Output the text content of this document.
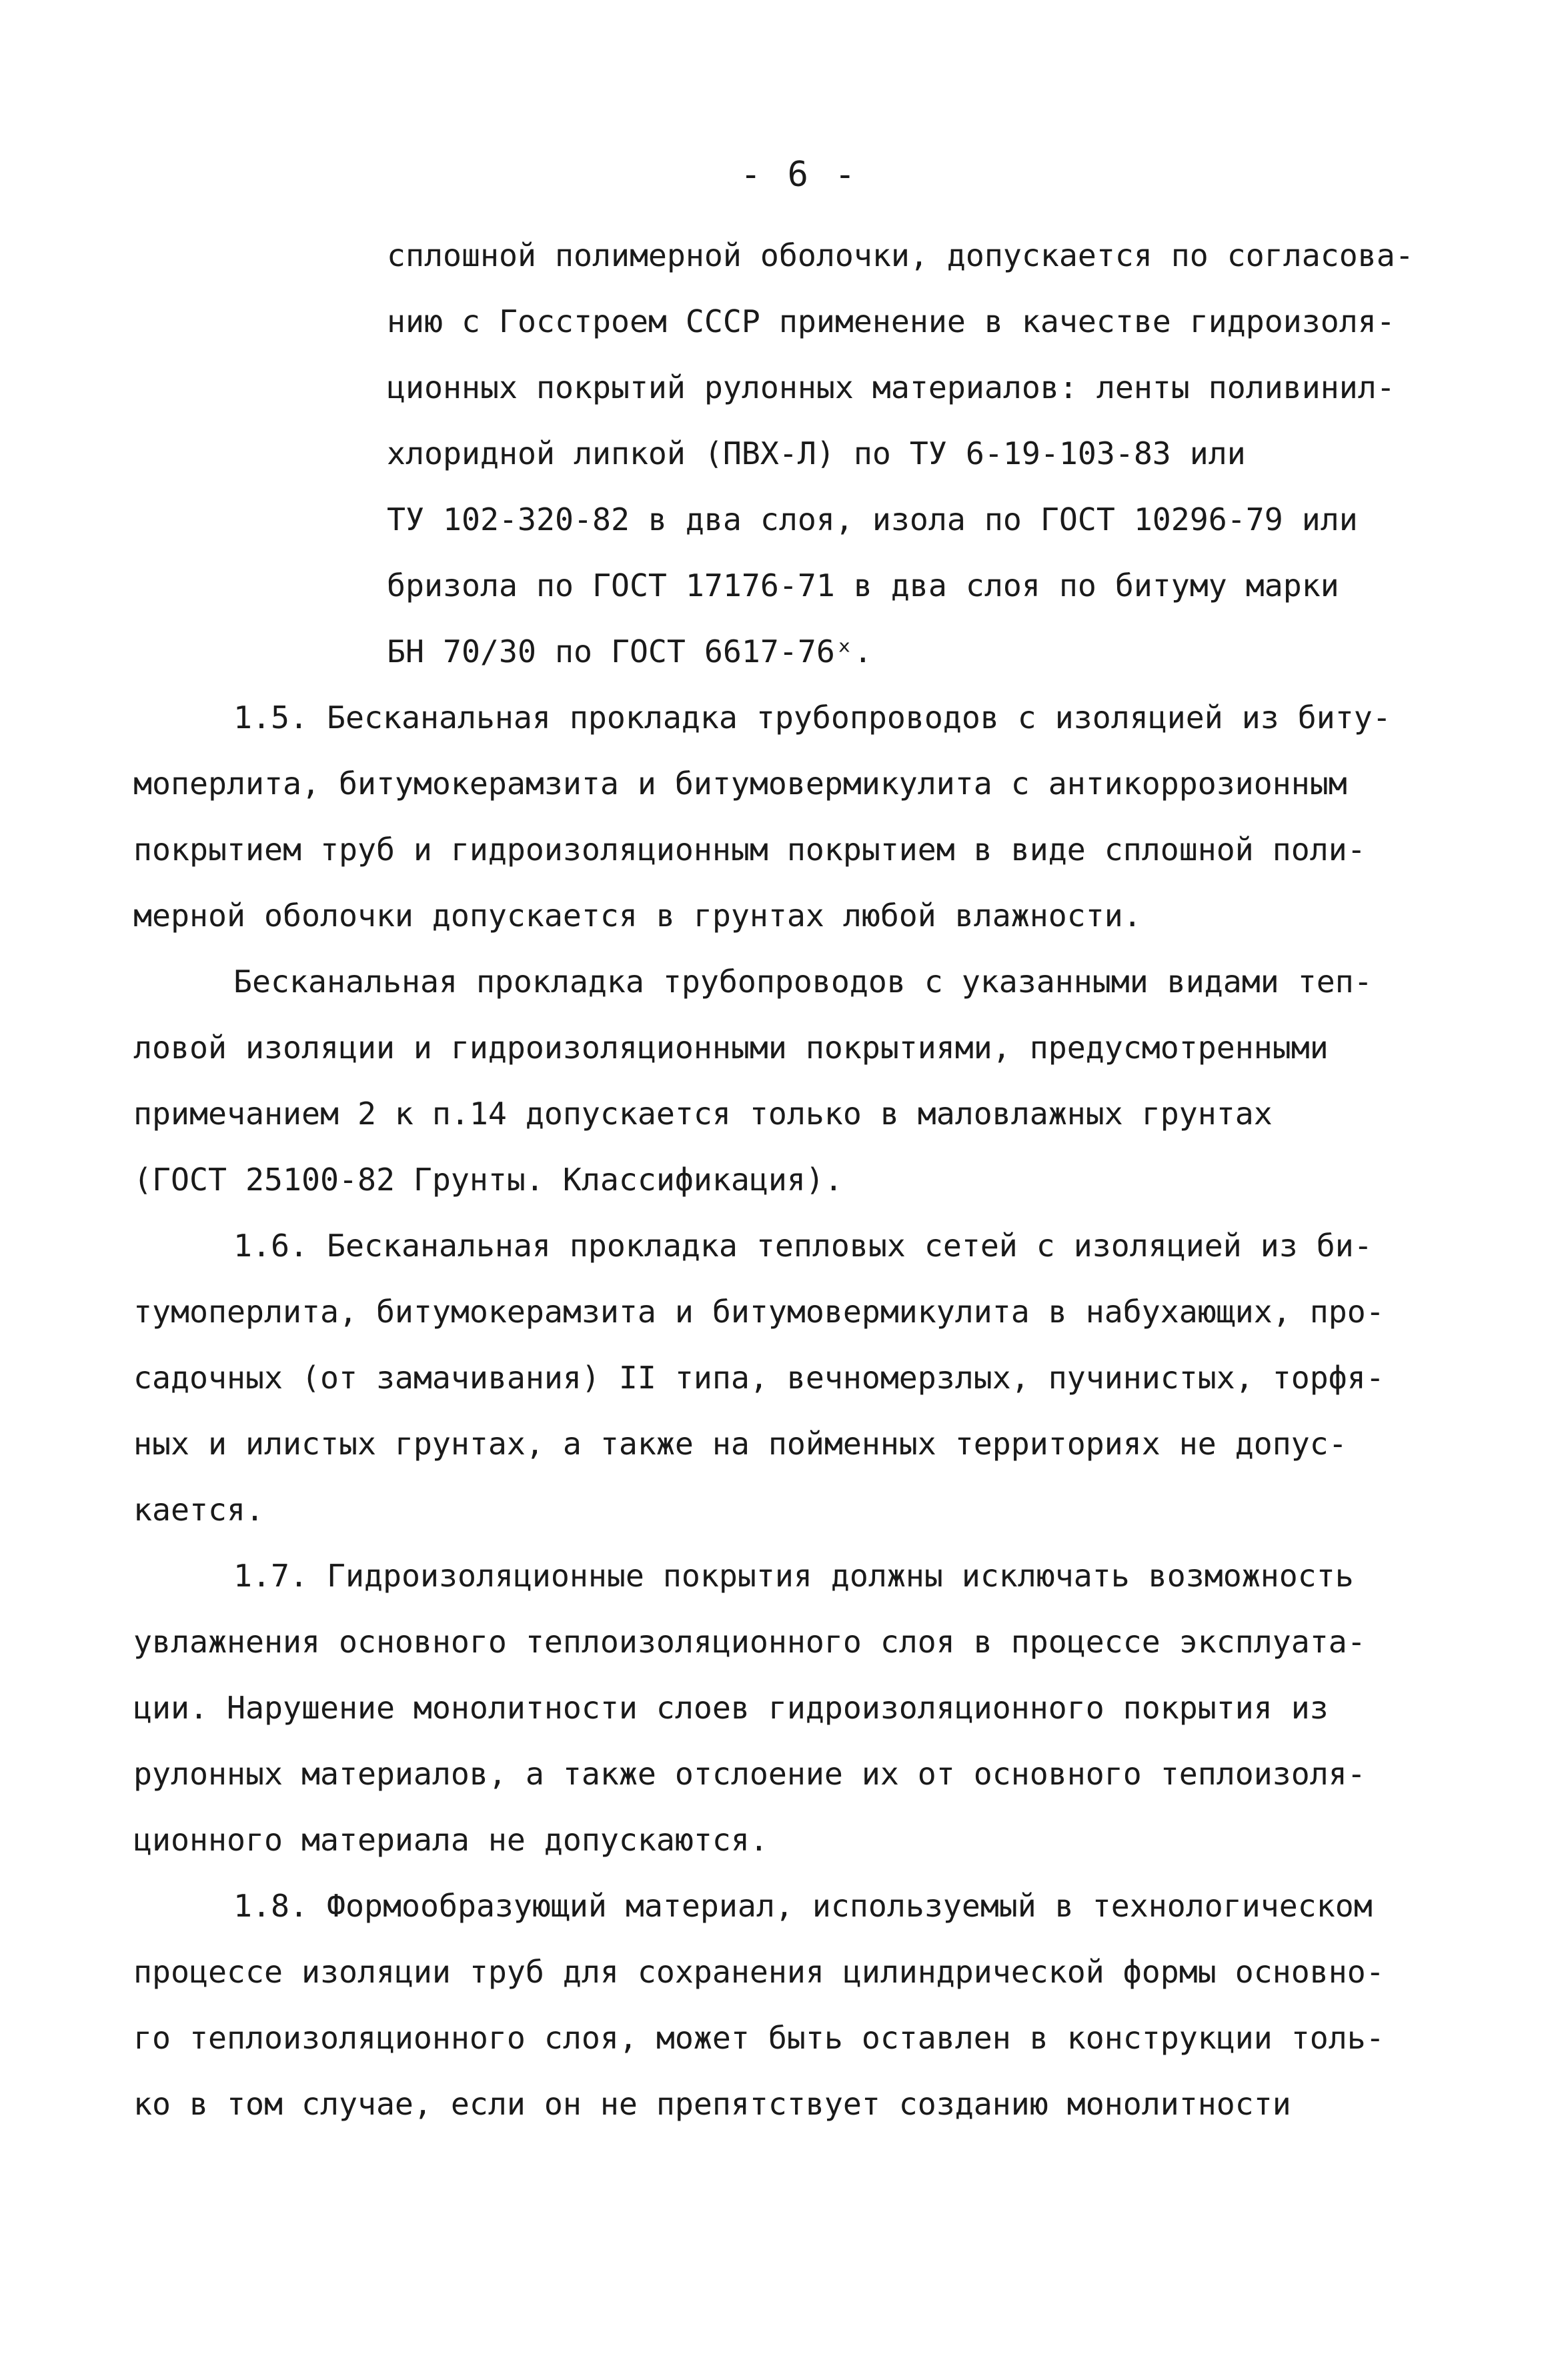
- 6 -
сплошной полимерной оболочки, допускается по согласова-
нию с Госстроем СССР применение в качестве гидроизоля-
ционных покрытий рулонных материалов: ленты поливинил-
хлоридной липкой (ПВХ-Л) по ТУ 6-19-103-83 или
ТУ 102-320-82 в два слоя, изола по ГОСТ 10296-79 или
бризола по ГОСТ 17176-71 в два слоя по битуму марки
БН 70/30 по ГОСТ 6617-76ˣ.
1.5. Бесканальная прокладка трубопроводов с изоляцией из биту-
моперлита, битумокерамзита и битумовермикулита с антикоррозионным
покрытием труб и гидроизоляционным покрытием в виде сплошной поли-
мерной оболочки допускается в грунтах любой влажности.
Бесканальная прокладка трубопроводов с указанными видами теп-
ловой изоляции и гидроизоляционными покрытиями, предусмотренными
примечанием 2 к п.14 допускается только в маловлажных грунтах
(ГОСТ 25100-82 Грунты. Классификация).
1.6. Бесканальная прокладка тепловых сетей с изоляцией из би-
тумоперлита, битумокерамзита и битумовермикулита в набухающих, про-
садочных (от замачивания) II типа, вечномерзлых, пучинистых, торфя-
ных и илистых грунтах, а также на пойменных территориях не допус-
кается.
1.7. Гидроизоляционные покрытия должны исключать возможность
увлажнения основного теплоизоляционного слоя в процессе эксплуата-
ции. Нарушение монолитности слоев гидроизоляционного покрытия из
рулонных материалов, а также отслоение их от основного теплоизоля-
ционного материала не допускаются.
1.8. Формообразующий материал, используемый в технологическом
процессе изоляции труб для сохранения цилиндрической формы основно-
го теплоизоляционного слоя, может быть оставлен в конструкции толь-
ко в том случае, если он не препятствует созданию монолитности
